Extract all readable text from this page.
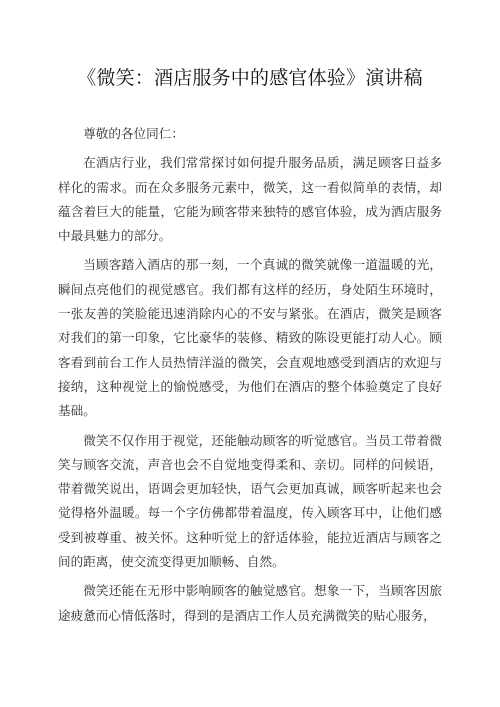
《微笑：酒店服务中的感官体验》演讲稿

尊敬的各位同仁：

在酒店行业，我们常常探讨如何提升服务品质，满足顾客日益多样化的需求。而在众多服务元素中，微笑，这一看似简单的表情，却蕴含着巨大的能量，它能为顾客带来独特的感官体验，成为酒店服务中最具魅力的部分。

当顾客踏入酒店的那一刻，一个真诚的微笑就像一道温暖的光，瞬间点亮他们的视觉感官。我们都有这样的经历，身处陌生环境时，一张友善的笑脸能迅速消除内心的不安与紧张。在酒店，微笑是顾客对我们的第一印象，它比豪华的装修、精致的陈设更能打动人心。顾客看到前台工作人员热情洋溢的微笑，会直观地感受到酒店的欢迎与接纳，这种视觉上的愉悦感受，为他们在酒店的整个体验奠定了良好基础。

微笑不仅作用于视觉，还能触动顾客的听觉感官。当员工带着微笑与顾客交流，声音也会不自觉地变得柔和、亲切。同样的问候语，带着微笑说出，语调会更加轻快，语气会更加真诚，顾客听起来也会觉得格外温暖。每一个字仿佛都带着温度，传入顾客耳中，让他们感受到被尊重、被关怀。这种听觉上的舒适体验，能拉近酒店与顾客之间的距离，使交流变得更加顺畅、自然。

微笑还能在无形中影响顾客的触觉感官。想象一下，当顾客因旅途疲惫而心情低落时，得到的是酒店工作人员充满微笑的贴心服务，
